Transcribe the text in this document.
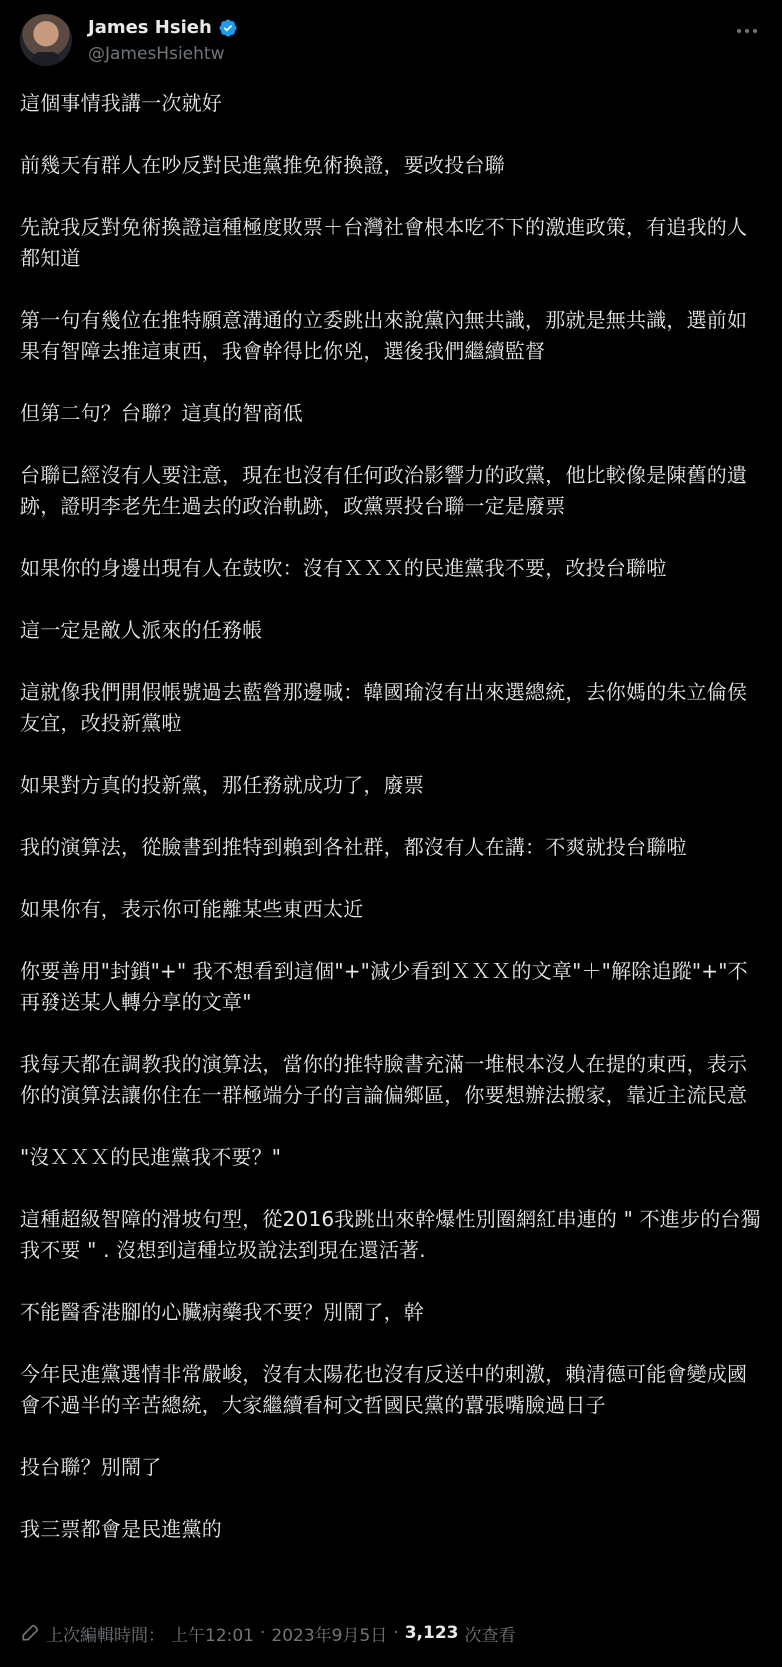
James Hsieh
@JamesHsiehtw

這個事情我講一次就好

前幾天有群人在吵反對民進黨推免術換證，要改投台聯

先說我反對免術換證這種極度敗票＋台灣社會根本吃不下的激進政策，有追我的人都知道

第一句有幾位在推特願意溝通的立委跳出來說黨內無共識，那就是無共識，選前如果有智障去推這東西，我會幹得比你兇，選後我們繼續監督

但第二句？台聯？這真的智商低

台聯已經沒有人要注意，現在也沒有任何政治影響力的政黨，他比較像是陳舊的遺跡，證明李老先生過去的政治軌跡，政黨票投台聯一定是廢票

如果你的身邊出現有人在鼓吹：沒有ＸＸＸ的民進黨我不要，改投台聯啦

這一定是敵人派來的任務帳

這就像我們開假帳號過去藍營那邊喊：韓國瑜沒有出來選總統，去你媽的朱立倫侯友宜，改投新黨啦

如果對方真的投新黨，那任務就成功了，廢票

我的演算法，從臉書到推特到賴到各社群，都沒有人在講：不爽就投台聯啦

如果你有，表示你可能離某些東西太近

你要善用"封鎖"+" 我不想看到這個"+"減少看到ＸＸＸ的文章"＋"解除追蹤"+"不再發送某人轉分享的文章"

我每天都在調教我的演算法，當你的推特臉書充滿一堆根本沒人在提的東西，表示你的演算法讓你住在一群極端分子的言論偏鄉區，你要想辦法搬家，靠近主流民意

"沒ＸＸＸ的民進黨我不要？"

這種超級智障的滑坡句型，從2016我跳出來幹爆性別圈網紅串連的 " 不進步的台獨我不要 " . 沒想到這種垃圾說法到現在還活著.

不能醫香港腳的心臟病藥我不要？別鬧了，幹

今年民進黨選情非常嚴峻，沒有太陽花也沒有反送中的刺激，賴清德可能會變成國會不過半的辛苦總統，大家繼續看柯文哲國民黨的囂張嘴臉過日子

投台聯？別鬧了

我三票都會是民進黨的

上次編輯時間： 上午12:01 · 2023年9月5日 · 3,123 次查看
